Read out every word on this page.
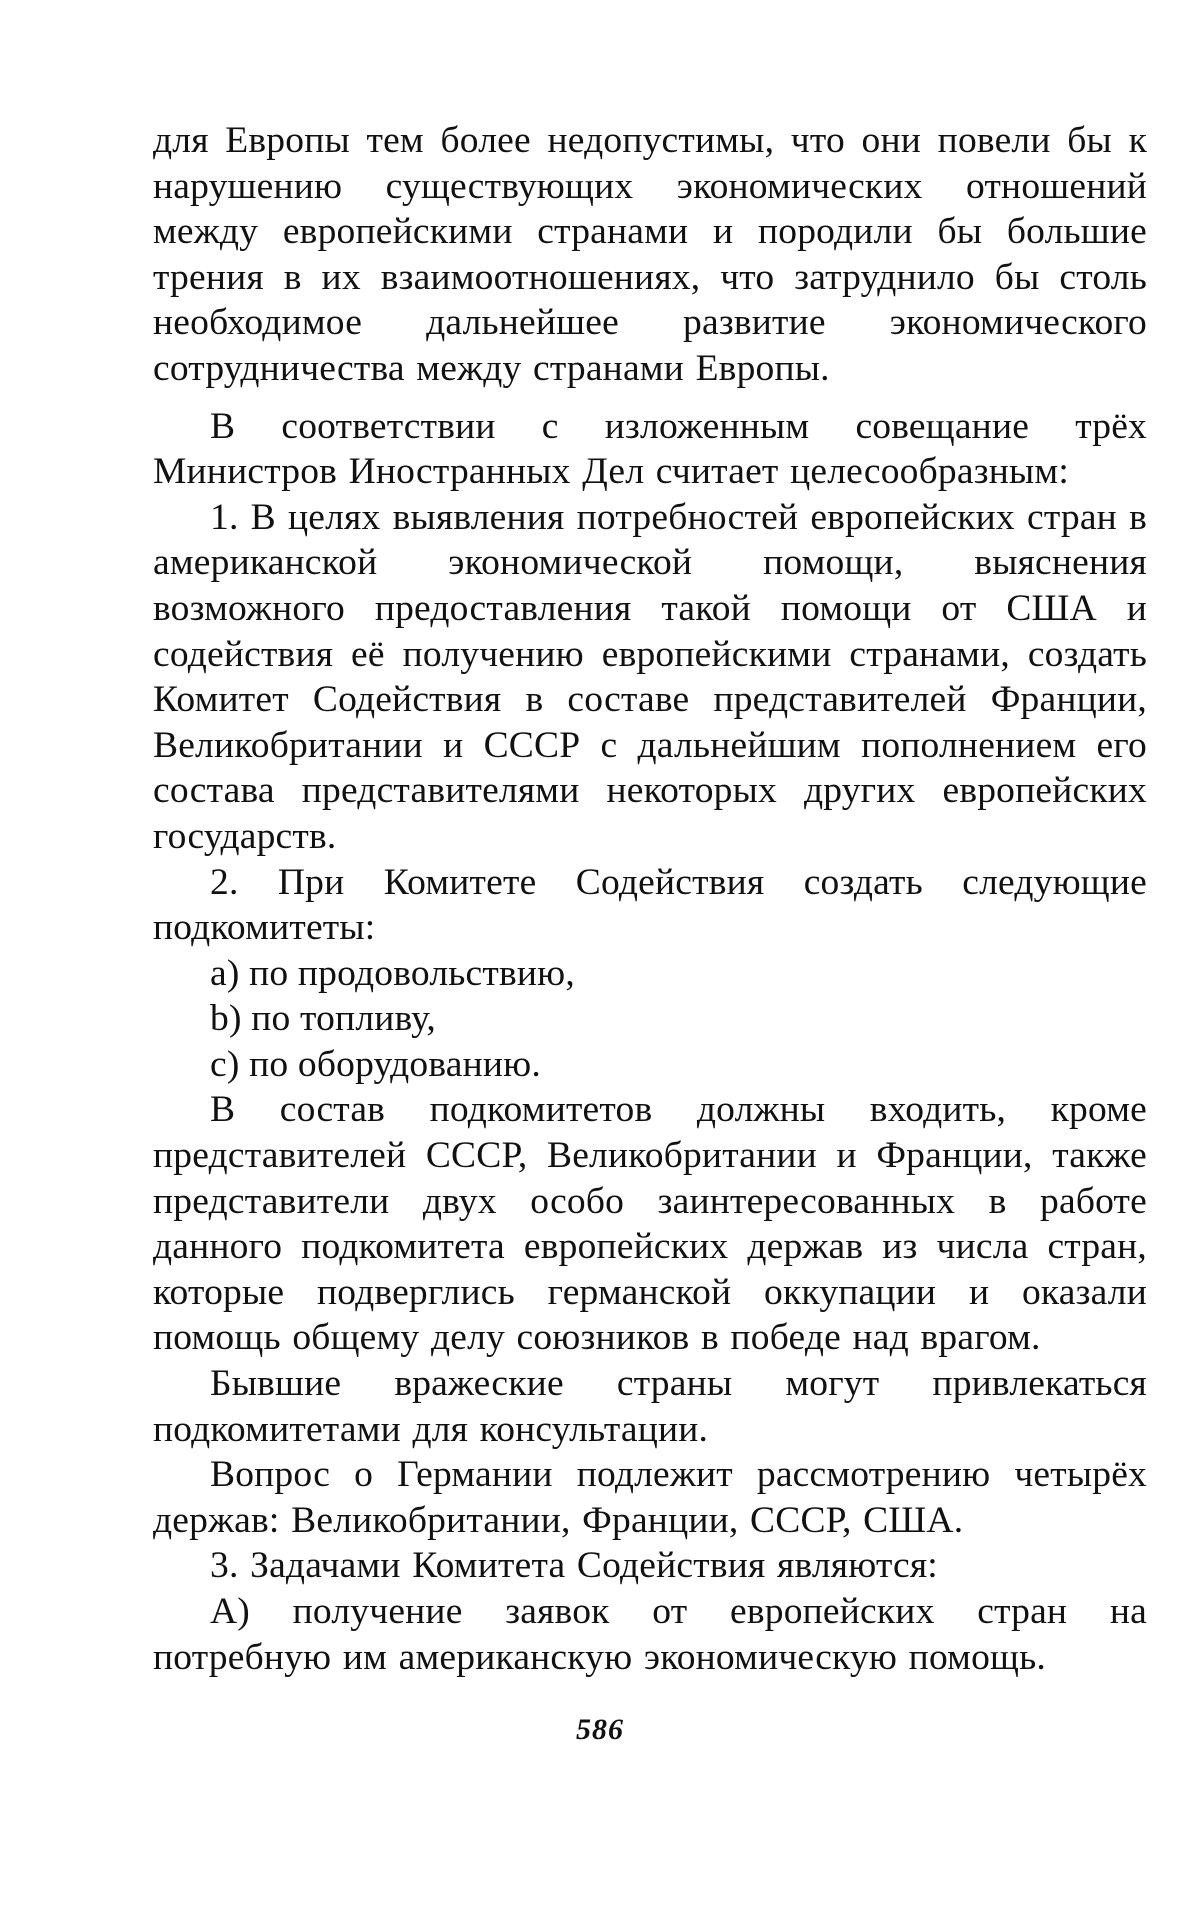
для Европы тем более недопустимы, что они повели бы к нарушению существующих экономических отношений между европейскими странами и породили бы большие трения в их взаимоотношениях, что затруднило бы столь необходимое дальнейшее развитие экономического сотрудничества между странами Европы.

В соответствии с изложенным совещание трёх Министров Иностранных Дел считает целесообразным:

1. В целях выявления потребностей европейских стран в американской экономической помощи, выяснения возможного предоставления такой помощи от США и содействия её получению европейскими странами, создать Комитет Содействия в составе представителей Франции, Великобритании и СССР с дальнейшим пополнением его состава представителями некоторых других европейских государств.

2. При Комитете Содействия создать следующие подкомитеты:

a) по продовольствию,

b) по топливу,

c) по оборудованию.

В состав подкомитетов должны входить, кроме представителей СССР, Великобритании и Франции, также представители двух особо заинтересованных в работе данного подкомитета европейских держав из числа стран, которые подверглись германской оккупации и оказали помощь общему делу союзников в победе над врагом.

Бывшие вражеские страны могут привлекаться подкомитетами для консультации.

Вопрос о Германии подлежит рассмотрению четырёх держав: Великобритании, Франции, СССР, США.

3. Задачами Комитета Содействия являются:

А) получение заявок от европейских стран на потребную им американскую экономическую помощь.

586
